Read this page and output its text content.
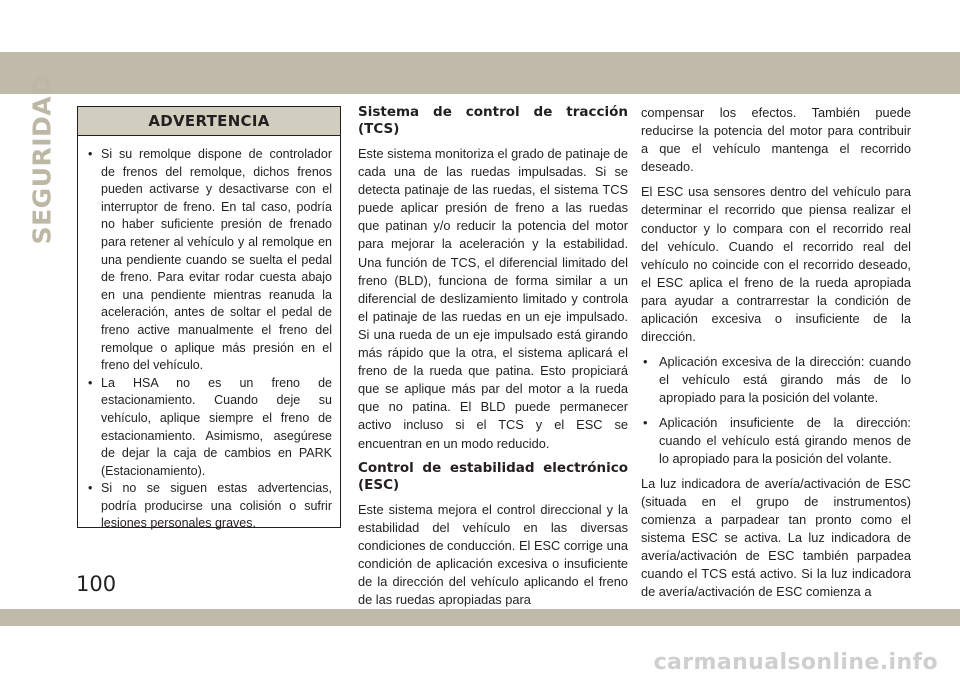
SEGURIDAD	ADVERTENCIA
• Si su remolque dispone de controlador de frenos del remolque, dichos frenos pueden activarse y desactivarse con el interruptor de freno. En tal caso, podría no haber suficiente presión de frenado para retener al vehículo y al remolque en una pendiente cuando se suelta el pedal de freno. Para evitar rodar cuesta abajo en una pendiente mientras reanuda la aceleración, antes de soltar el pedal de freno active manualmente el freno del remolque o aplique más presión en el freno del vehículo.
• La HSA no es un freno de estacionamiento. Cuando deje su vehículo, aplique siempre el freno de estacionamiento. Asimismo, asegúrese de dejar la caja de cambios en PARK (Estacionamiento).
• Si no se siguen estas advertencias, podría producirse una colisión o sufrir lesiones personales graves.
Sistema de control de tracción (TCS)

Este sistema monitoriza el grado de patinaje de cada una de las ruedas impulsadas. Si se detecta patinaje de las ruedas, el sistema TCS puede aplicar presión de freno a las ruedas que patinan y/o reducir la potencia del motor para mejorar la aceleración y la estabilidad. Una función de TCS, el diferencial limitado del freno (BLD), funciona de forma similar a un diferencial de deslizamiento limitado y controla el patinaje de las ruedas en un eje impulsado. Si una rueda de un eje impulsado está girando más rápido que la otra, el sistema aplicará el freno de la rueda que patina. Esto propiciará que se aplique más par del motor a la rueda que no patina. El BLD puede permanecer activo incluso si el TCS y el ESC se encuentran en un modo reducido.

Control de estabilidad electrónico (ESC)

Este sistema mejora el control direccional y la estabilidad del vehículo en las diversas condiciones de conducción. El ESC corrige una condición de aplicación excesiva o insuficiente de la dirección del vehículo aplicando el freno de las ruedas apropiadas para

compensar los efectos. También puede reducirse la potencia del motor para contribuir a que el vehículo mantenga el recorrido deseado.

El ESC usa sensores dentro del vehículo para determinar el recorrido que piensa realizar el conductor y lo compara con el recorrido real del vehículo. Cuando el recorrido real del vehículo no coincide con el recorrido deseado, el ESC aplica el freno de la rueda apropiada para ayudar a contrarrestar la condición de aplicación excesiva o insuficiente de la dirección.

• Aplicación excesiva de la dirección: cuando el vehículo está girando más de lo apropiado para la posición del volante.
• Aplicación insuficiente de la dirección: cuando el vehículo está girando menos de lo apropiado para la posición del volante.

La luz indicadora de avería/activación de ESC (situada en el grupo de instrumentos) comienza a parpadear tan pronto como el sistema ESC se activa. La luz indicadora de avería/activación de ESC también parpadea cuando el TCS está activo. Si la luz indicadora de avería/activación de ESC comienza a

100
carmanualsonline.info
